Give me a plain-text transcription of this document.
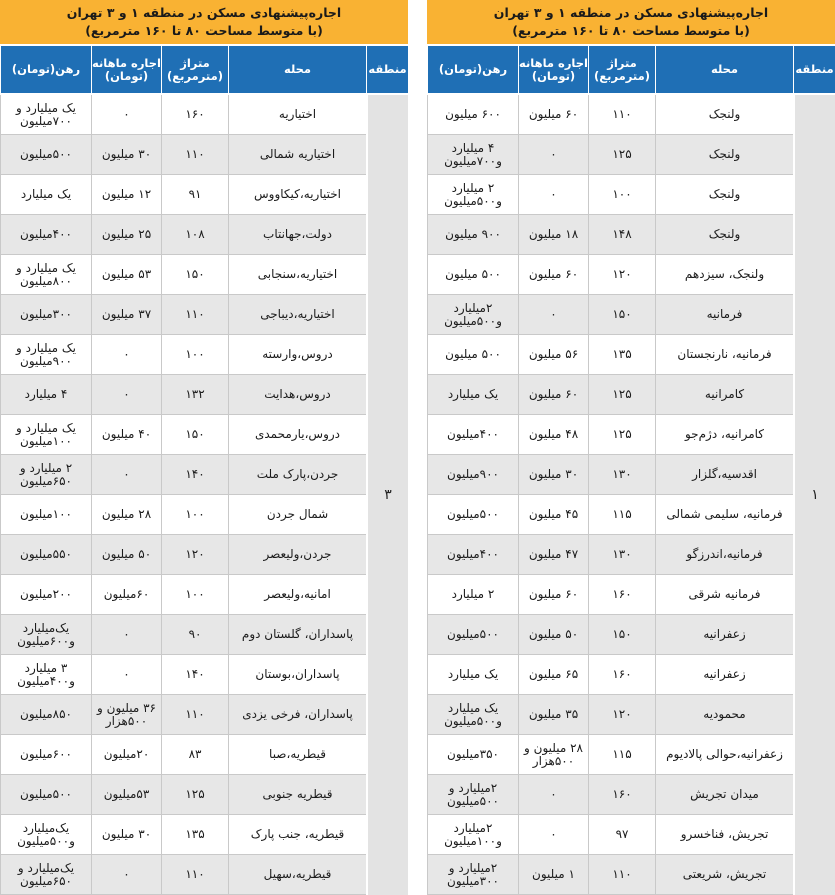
اجاره‌پیشنهادی مسکن در منطقه ۱ و ۳ تهران
(با متوسط مساحت ۸۰ تا ۱۶۰ مترمربع)
منطقه
محله
متراژ (مترمربع)
اجاره ماهانه (تومان)
رهن(تومان)
۳
اختیاریه
۱۶۰
۰
یک میلیارد و ۷۰۰میلیون
اختیاریه شمالی
۱۱۰
۳۰ میلیون
۵۰۰میلیون
اختیاریه،کیکاووس
۹۱
۱۲ میلیون
یک میلیارد
دولت،جهانتاب
۱۰۸
۲۵ میلیون
۴۰۰میلیون
اختیاریه،سنجابی
۱۵۰
۵۳ میلیون
یک میلیارد و ۸۰۰میلیون
اختیاریه،دیباجی
۱۱۰
۳۷ میلیون
۳۰۰میلیون
دروس،وارسته
۱۰۰
۰
یک میلیارد و ۹۰۰میلیون
دروس،هدایت
۱۳۲
۰
۴ میلیارد
دروس،یارمحمدی
۱۵۰
۴۰ میلیون
یک میلیارد و ۱۰۰میلیون
جردن،پارک ملت
۱۴۰
۰
۲ میلیارد و ۶۵۰میلیون
شمال جردن
۱۰۰
۲۸ میلیون
۱۰۰میلیون
جردن،ولیعصر
۱۲۰
۵۰ میلیون
۵۵۰میلیون
امانیه،ولیعصر
۱۰۰
۶۰میلیون
۲۰۰میلیون
پاسداران، گلستان دوم
۹۰
۰
یک‌میلیارد و۶۰۰میلیون
پاسداران،بوستان
۱۴۰
۰
۳ میلیارد و۴۰۰میلیون
پاسداران، فرخی یزدی
۱۱۰
۳۶ میلیون و ۵۰۰هزار
۸۵۰میلیون
قیطریه،صبا
۸۳
۲۰میلیون
۶۰۰میلیون
قیطریه جنوبی
۱۲۵
۵۳میلیون
۵۰۰میلیون
قیطریه، جنب پارک
۱۳۵
۳۰ میلیون
یک‌میلیارد و۵۰۰میلیون
قیطریه،سهیل
۱۱۰
۰
یک‌میلیارد و ۶۵۰میلیون
اجاره‌پیشنهادی مسکن در منطقه ۱ و ۳ تهران
(با متوسط مساحت ۸۰ تا ۱۶۰ مترمربع)
منطقه
محله
متراژ (مترمربع)
اجاره ماهانه (تومان)
رهن(تومان)
۱
ولنجک
۱۱۰
۶۰ میلیون
۶۰۰ میلیون
ولنجک
۱۲۵
۰
۴ میلیارد و۷۰۰میلیون
ولنجک
۱۰۰
۰
۲ میلیارد و۵۰۰میلیون
ولنجک
۱۴۸
۱۸ میلیون
۹۰۰ میلیون
ولنجک، سیزدهم
۱۲۰
۶۰ میلیون
۵۰۰ میلیون
فرمانیه
۱۵۰
۰
۲میلیارد و۵۰۰میلیون
فرمانیه، نارنجستان
۱۳۵
۵۶ میلیون
۵۰۰ میلیون
کامرانیه
۱۲۵
۶۰ میلیون
یک میلیارد
کامرانیه، دژم‌جو
۱۲۵
۴۸ میلیون
۴۰۰میلیون
اقدسیه،گلزار
۱۳۰
۳۰ میلیون
۹۰۰میلیون
فرمانیه، سلیمی شمالی
۱۱۵
۴۵ میلیون
۵۰۰میلیون
فرمانیه،اندرزگو
۱۳۰
۴۷ میلیون
۴۰۰میلیون
فرمانیه شرقی
۱۶۰
۶۰ میلیون
۲ میلیارد
زعفرانیه
۱۵۰
۵۰ میلیون
۵۰۰میلیون
زعفرانیه
۱۶۰
۶۵ میلیون
یک میلیارد
محمودیه
۱۲۰
۳۵ میلیون
یک میلیارد و۵۰۰میلیون
زعفرانیه،حوالی پالادیوم
۱۱۵
۲۸ میلیون و ۵۰۰هزار
۳۵۰میلیون
میدان تجریش
۱۶۰
۰
۲میلیارد و ۵۰۰میلیون
تجریش، فناخسرو
۹۷
۰
۲میلیارد و۱۰۰میلیون
تجریش، شریعتی
۱۱۰
۱ میلیون
۲میلیارد و ۳۰۰میلیون
